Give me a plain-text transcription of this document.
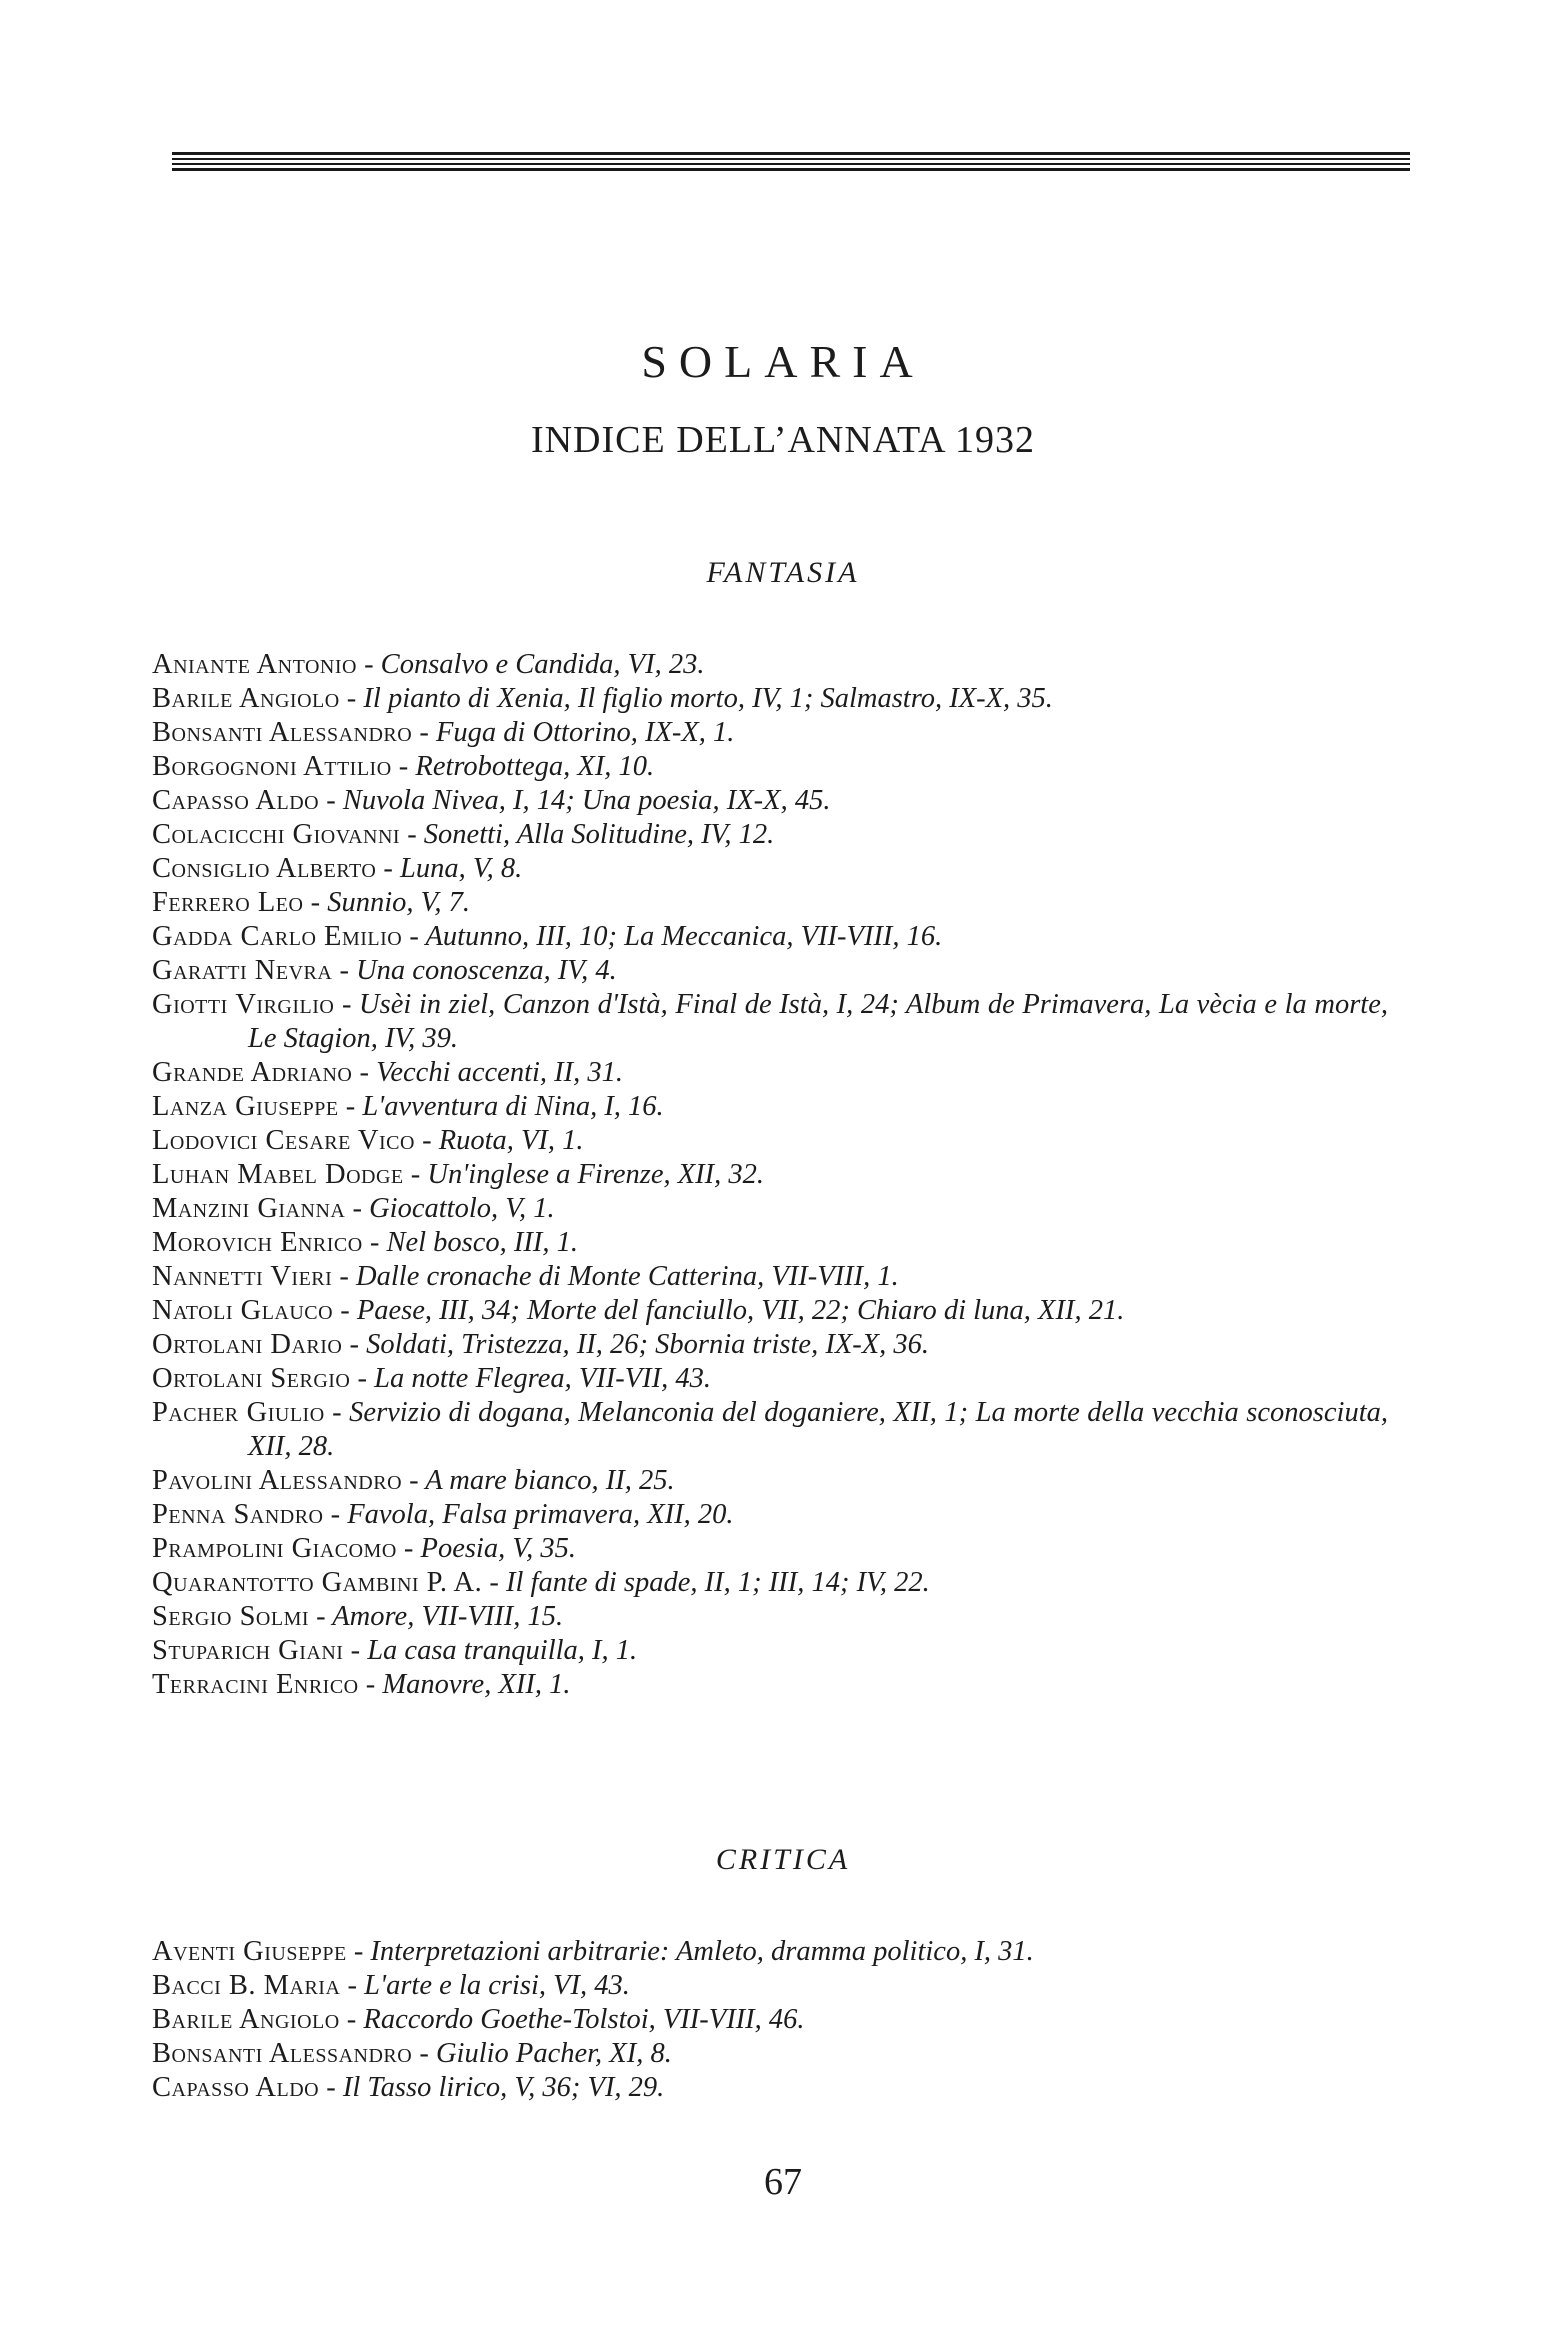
SOLARIA
INDICE DELL’ANNATA 1932
FANTASIA
Aniante Antonio - Consalvo e Candida, VI, 23.
Barile Angiolo - Il pianto di Xenia, Il figlio morto, IV, 1; Salmastro, IX-X, 35.
Bonsanti Alessandro - Fuga di Ottorino, IX-X, 1.
Borgognoni Attilio - Retrobottega, XI, 10.
Capasso Aldo - Nuvola Nivea, I, 14; Una poesia, IX-X, 45.
Colacicchi Giovanni - Sonetti, Alla Solitudine, IV, 12.
Consiglio Alberto - Luna, V, 8.
Ferrero Leo - Sunnio, V, 7.
Gadda Carlo Emilio - Autunno, III, 10; La Meccanica, VII-VIII, 16.
Garatti Nevra - Una conoscenza, IV, 4.
Giotti Virgilio - Usèi in ziel, Canzon d'Istà, Final de Istà, I, 24; Album de Primavera, La vècia e la morte, Le Stagion, IV, 39.
Grande Adriano - Vecchi accenti, II, 31.
Lanza Giuseppe - L'avventura di Nina, I, 16.
Lodovici Cesare Vico - Ruota, VI, 1.
Luhan Mabel Dodge - Un'inglese a Firenze, XII, 32.
Manzini Gianna - Giocattolo, V, 1.
Morovich Enrico - Nel bosco, III, 1.
Nannetti Vieri - Dalle cronache di Monte Catterina, VII-VIII, 1.
Natoli Glauco - Paese, III, 34; Morte del fanciullo, VII, 22; Chiaro di luna, XII, 21.
Ortolani Dario - Soldati, Tristezza, II, 26; Sbornia triste, IX-X, 36.
Ortolani Sergio - La notte Flegrea, VII-VII, 43.
Pacher Giulio - Servizio di dogana, Melanconia del doganiere, XII, 1; La morte della vecchia sconosciuta, XII, 28.
Pavolini Alessandro - A mare bianco, II, 25.
Penna Sandro - Favola, Falsa primavera, XII, 20.
Prampolini Giacomo - Poesia, V, 35.
Quarantotto Gambini P. A. - Il fante di spade, II, 1; III, 14; IV, 22.
Sergio Solmi - Amore, VII-VIII, 15.
Stuparich Giani - La casa tranquilla, I, 1.
Terracini Enrico - Manovre, XII, 1.
CRITICA
Aventi Giuseppe - Interpretazioni arbitrarie: Amleto, dramma politico, I, 31.
Bacci B. Maria - L'arte e la crisi, VI, 43.
Barile Angiolo - Raccordo Goethe-Tolstoi, VII-VIII, 46.
Bonsanti Alessandro - Giulio Pacher, XI, 8.
Capasso Aldo - Il Tasso lirico, V, 36; VI, 29.
67
